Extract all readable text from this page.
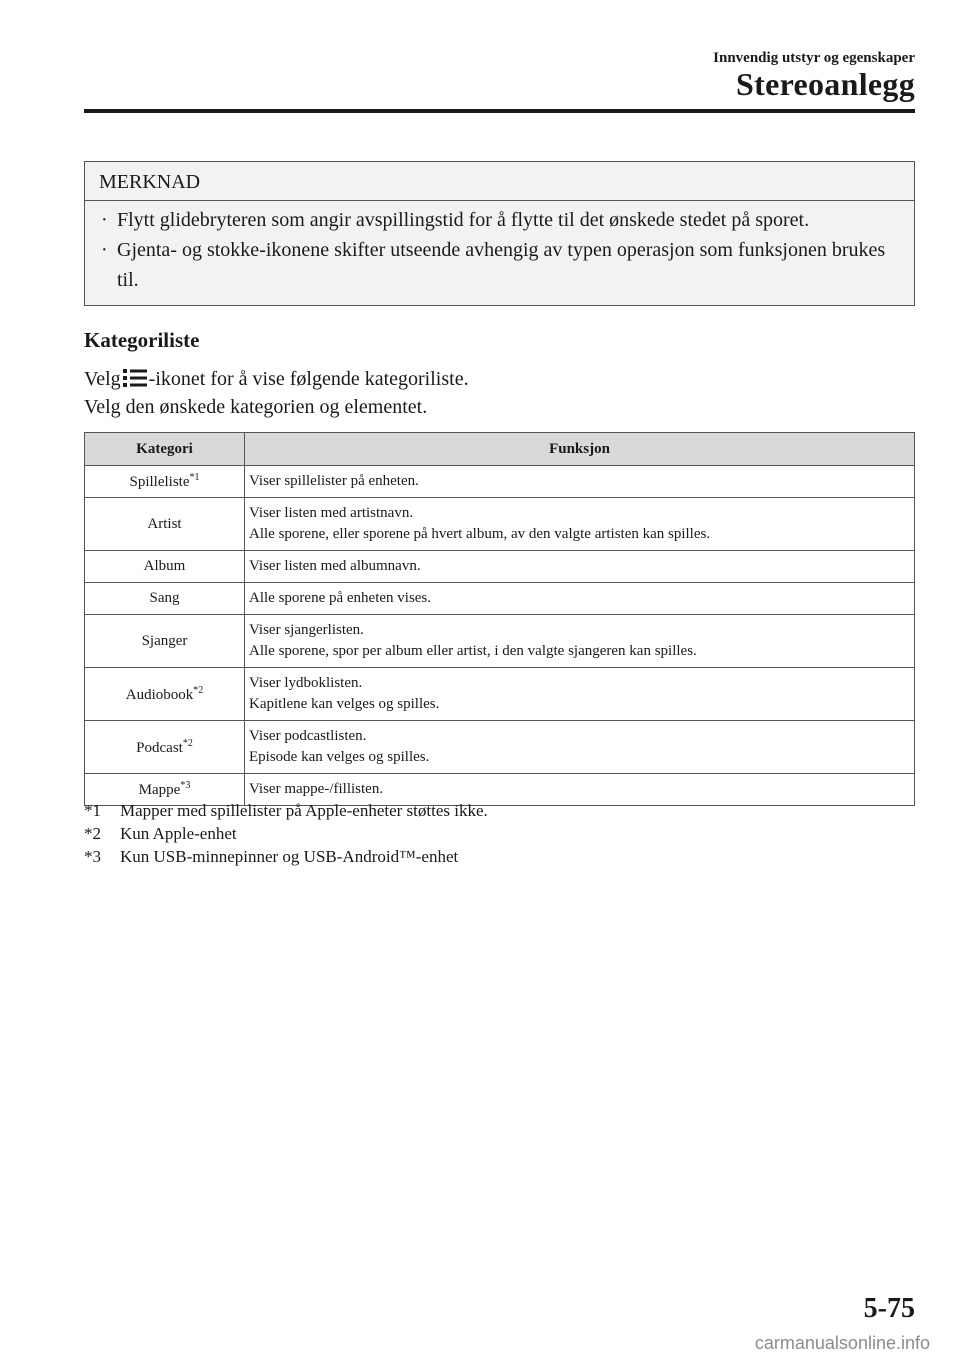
Innvendig utstyr og egenskaper
Stereoanlegg
MERKNAD
· Flytt glidebryteren som angir avspillingstid for å flytte til det ønskede stedet på sporet.
· Gjenta- og stokke-ikonene skifter utseende avhengig av typen operasjon som funksjonen brukes til.
Kategoriliste
Velg -ikonet for å vise følgende kategoriliste.
Velg den ønskede kategorien og elementet.
Kategori	Funksjon
Spilleliste$^{*1}$	Viser spillelister på enheten.

Artist	Viser listen med artistnavn.
Alle sporene, eller sporene på hvert album, av den valgte artisten kan spilles.

Album	Viser listen med albumnavn.

Sang	Alle sporene på enheten vises.

Sjanger	Viser sjangerlisten.
Alle sporene, spor per album eller artist, i den valgte sjangeren kan spilles.

Audiobook$^{*2}$	Viser lydboklisten.
Kapitlene kan velges og spilles.

Podcast$^{*2}$	Viser podcastlisten.
Episode kan velges og spilles.

Mappe$^{*3}$	Viser mappe-/fillisten.
*1 Mapper med spillelister på Apple-enheter støttes ikke.
*2 Kun Apple-enhet
*3 Kun USB-minnepinner og USB-Android™-enhet
5-75
carmanualsonline.info
